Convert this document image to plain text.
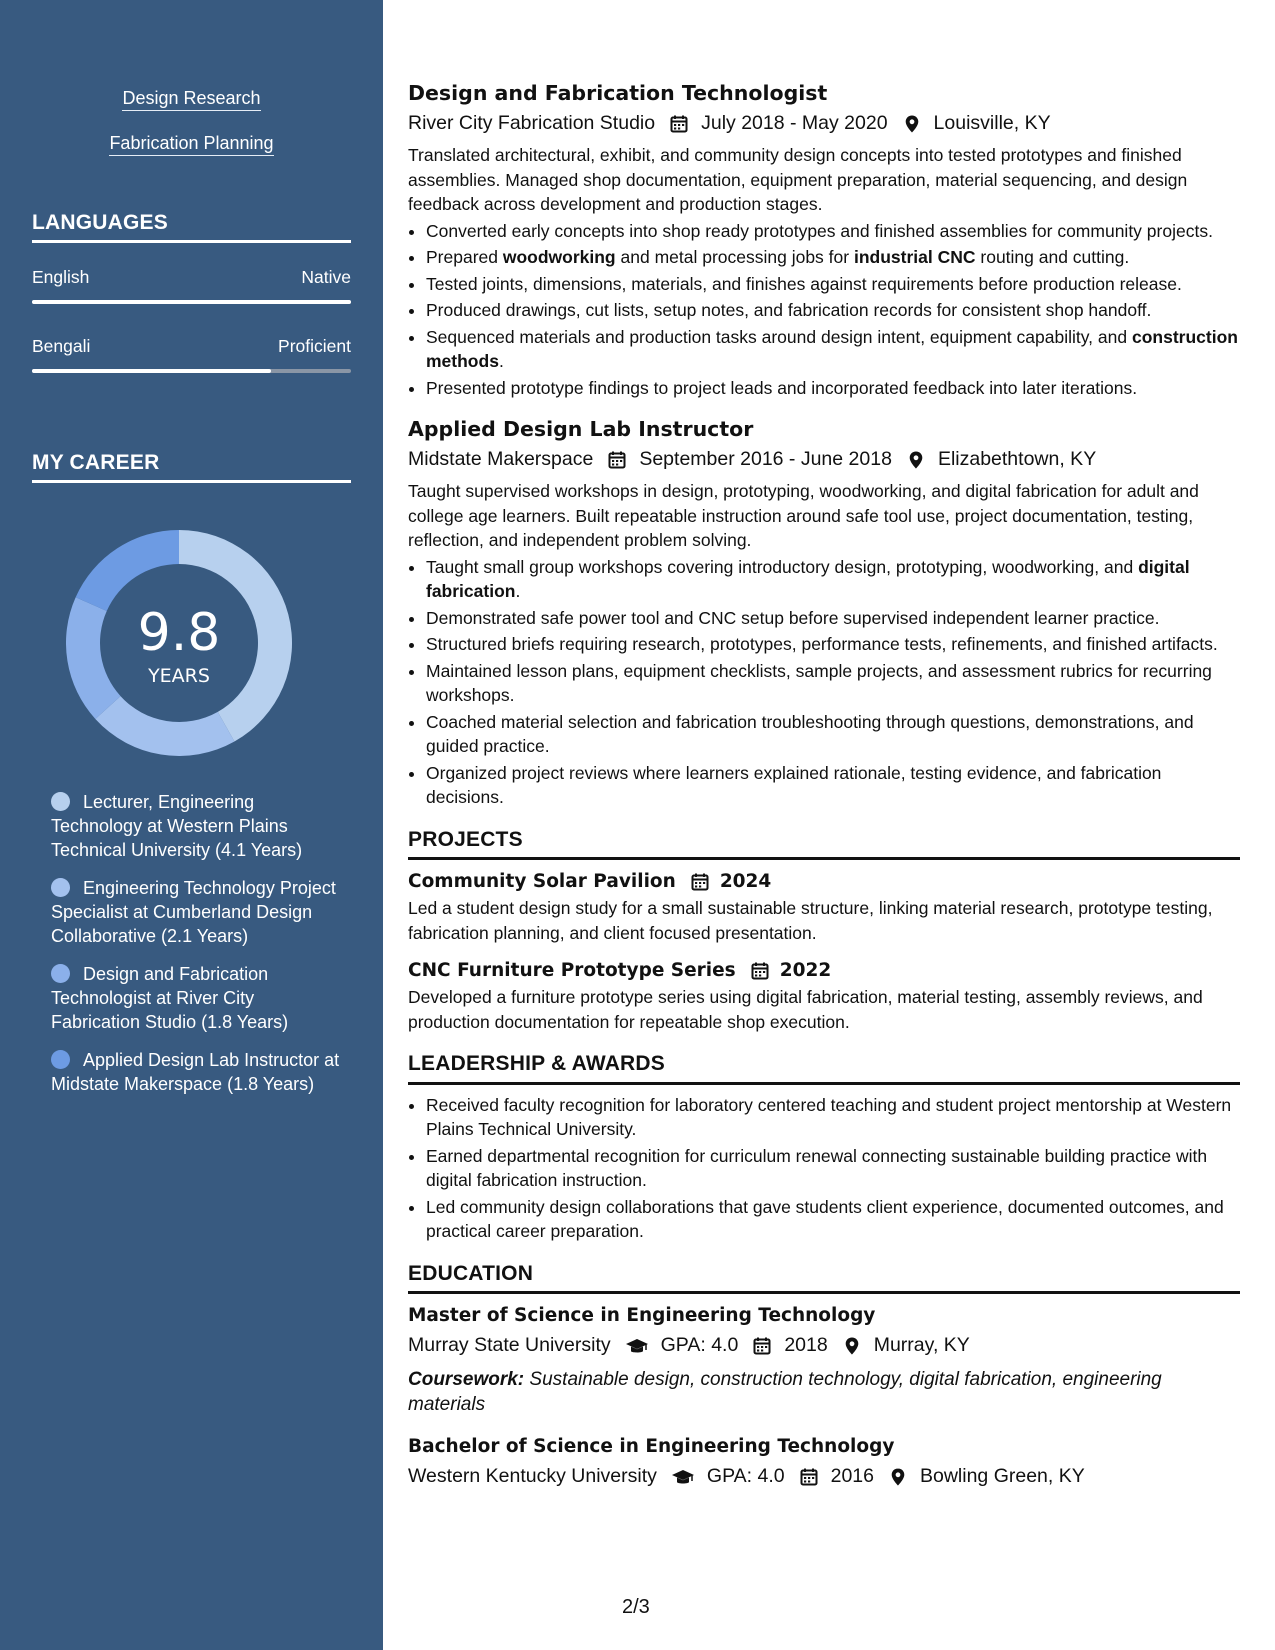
Design Research
Fabrication Planning
LANGUAGES
English	Native
Bengali	Proficient
MY CAREER
9.8
YEARS
Lecturer, Engineering Technology at Western Plains Technical University (4.1 Years)
Engineering Technology Project Specialist at Cumberland Design Collaborative (2.1 Years)
Design and Fabrication Technologist at River City Fabrication Studio (1.8 Years)
Applied Design Lab Instructor at Midstate Makerspace (1.8 Years)
Design and Fabrication Technologist
River City Fabrication Studio July 2018 - May 2020 Louisville, KY
Translated architectural, exhibit, and community design concepts into tested prototypes and finished assemblies. Managed shop documentation, equipment preparation, material sequencing, and design feedback across development and production stages.
• Converted early concepts into shop ready prototypes and finished assemblies for community projects.
• Prepared woodworking and metal processing jobs for industrial CNC routing and cutting.
• Tested joints, dimensions, materials, and finishes against requirements before production release.
• Produced drawings, cut lists, setup notes, and fabrication records for consistent shop handoff.
• Sequenced materials and production tasks around design intent, equipment capability, and construction methods.
• Presented prototype findings to project leads and incorporated feedback into later iterations.
Applied Design Lab Instructor
Midstate Makerspace September 2016 - June 2018 Elizabethtown, KY
Taught supervised workshops in design, prototyping, woodworking, and digital fabrication for adult and college age learners. Built repeatable instruction around safe tool use, project documentation, testing, reflection, and independent problem solving.
• Taught small group workshops covering introductory design, prototyping, woodworking, and digital fabrication.
• Demonstrated safe power tool and CNC setup before supervised independent learner practice.
• Structured briefs requiring research, prototypes, performance tests, refinements, and finished artifacts.
• Maintained lesson plans, equipment checklists, sample projects, and assessment rubrics for recurring workshops.
• Coached material selection and fabrication troubleshooting through questions, demonstrations, and guided practice.
• Organized project reviews where learners explained rationale, testing evidence, and fabrication decisions.
PROJECTS
Community Solar Pavilion 2024
Led a student design study for a small sustainable structure, linking material research, prototype testing, fabrication planning, and client focused presentation.
CNC Furniture Prototype Series 2022
Developed a furniture prototype series using digital fabrication, material testing, assembly reviews, and production documentation for repeatable shop execution.
LEADERSHIP & AWARDS
• Received faculty recognition for laboratory centered teaching and student project mentorship at Western Plains Technical University.
• Earned departmental recognition for curriculum renewal connecting sustainable building practice with digital fabrication instruction.
• Led community design collaborations that gave students client experience, documented outcomes, and practical career preparation.
EDUCATION
Master of Science in Engineering Technology
Murray State University	GPA: 4.0 2018 Murray, KY
Coursework: Sustainable design, construction technology, digital fabrication, engineering materials
Bachelor of Science in Engineering Technology
Western Kentucky University	GPA: 4.0 2016 Bowling Green, KY
2/3
